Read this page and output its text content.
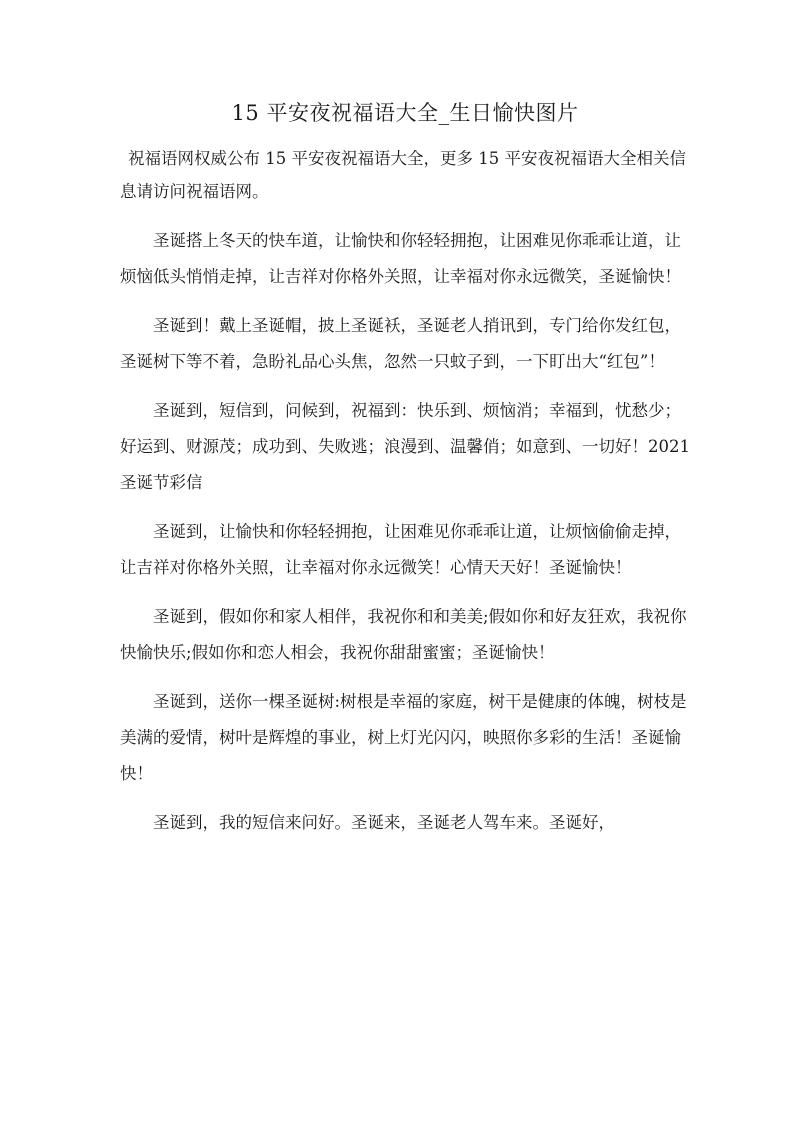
15 平安夜祝福语大全_生日愉快图片

祝福语网权威公布 15 平安夜祝福语大全，更多 15 平安夜祝福语大全相关信息请访问祝福语网。

圣诞搭上冬天的快车道，让愉快和你轻轻拥抱，让困难见你乖乖让道，让烦恼低头悄悄走掉，让吉祥对你格外关照，让幸福对你永远微笑，圣诞愉快！

圣诞到！戴上圣诞帽，披上圣诞袄，圣诞老人捎讯到，专门给你发红包，圣诞树下等不着，急盼礼品心头焦，忽然一只蚊子到，一下盯出大“红包”！

圣诞到，短信到，问候到，祝福到：快乐到、烦恼消；幸福到，忧愁少；好运到、财源茂；成功到、失败逃；浪漫到、温馨俏；如意到、一切好！2021 圣诞节彩信

圣诞到，让愉快和你轻轻拥抱，让困难见你乖乖让道，让烦恼偷偷走掉，让吉祥对你格外关照，让幸福对你永远微笑！心情天天好！圣诞愉快！

圣诞到，假如你和家人相伴，我祝你和和美美;假如你和好友狂欢，我祝你快愉快乐;假如你和恋人相会，我祝你甜甜蜜蜜；圣诞愉快！

圣诞到，送你一棵圣诞树:树根是幸福的家庭，树干是健康的体魄，树枝是美满的爱情，树叶是辉煌的事业，树上灯光闪闪，映照你多彩的生活！圣诞愉快！

圣诞到，我的短信来问好。圣诞来，圣诞老人驾车来。圣诞好，
